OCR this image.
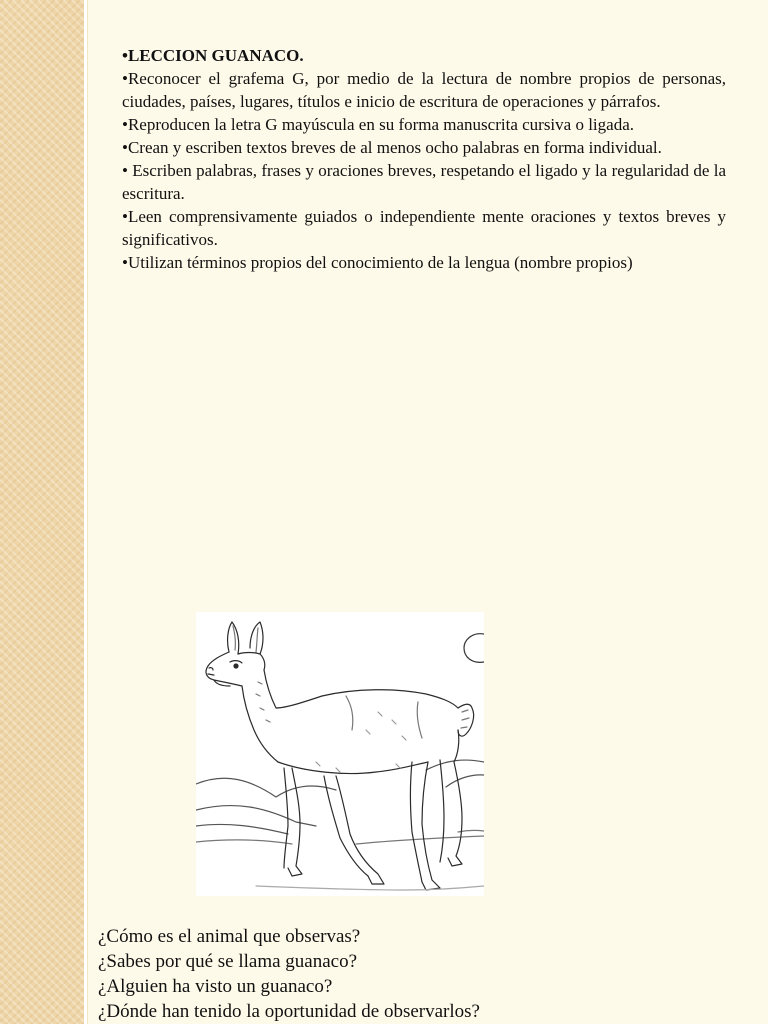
•LECCION GUANACO.
•Reconocer el grafema G, por medio de la lectura de nombre propios de personas, ciudades, países, lugares, títulos e inicio de escritura de operaciones y párrafos.
•Reproducen la letra G mayúscula en su forma manuscrita cursiva o ligada.
•Crean y escriben textos breves de al menos ocho palabras en forma individual.
• Escriben palabras, frases y oraciones breves, respetando el ligado y la regularidad de la escritura.
•Leen comprensivamente guiados o independiente mente oraciones y textos breves y significativos.
•Utilizan términos propios del conocimiento de la lengua (nombre propios)
¿Cómo es el animal que observas?
¿Sabes por qué se llama guanaco?
¿Alguien ha visto un guanaco?
¿Dónde han tenido la oportunidad de observarlos?
